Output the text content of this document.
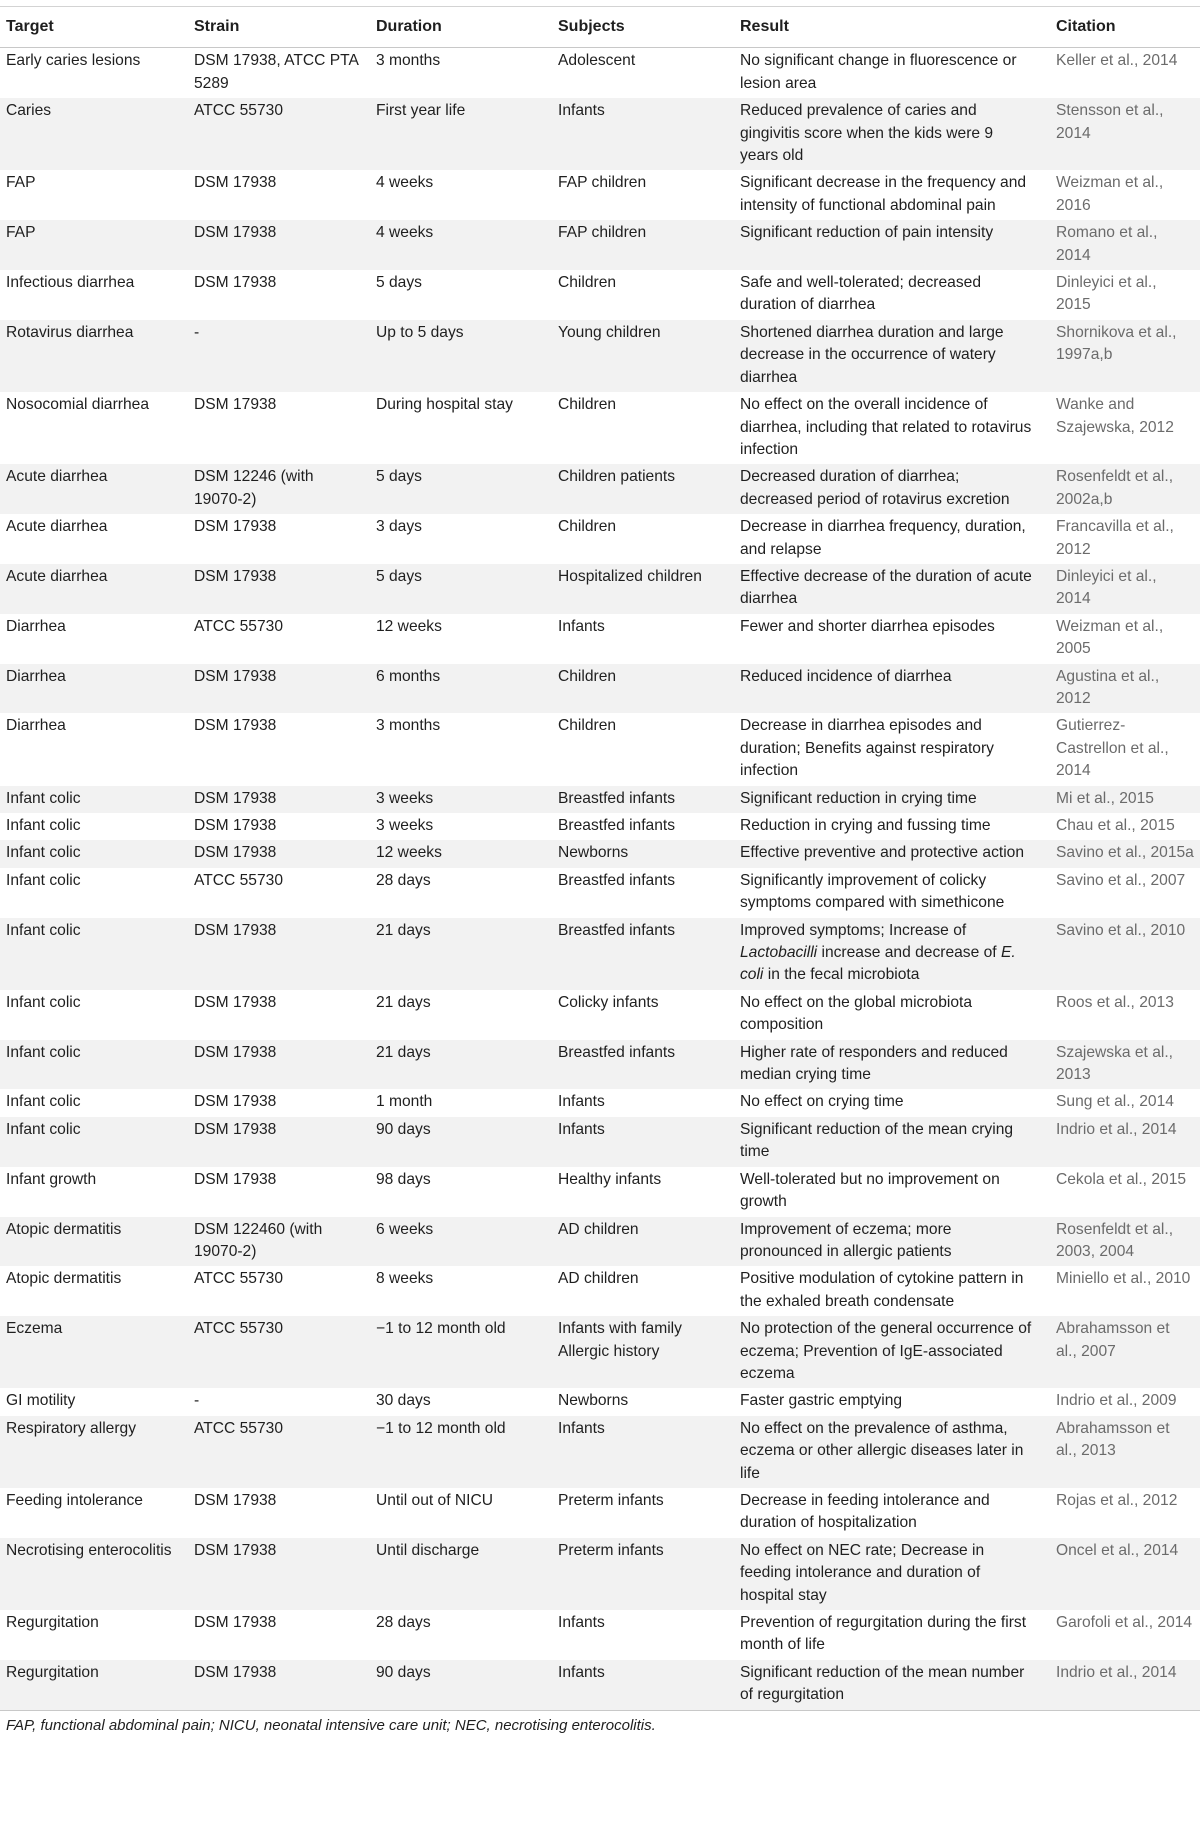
Target	Strain	Duration	Subjects	Result	Citation
Early caries lesions	DSM 17938, ATCC PTA 5289	3 months	Adolescent	No significant change in fluorescence or lesion area	Keller et al., 2014
Caries	ATCC 55730	First year life	Infants	Reduced prevalence of caries and gingivitis score when the kids were 9 years old	Stensson et al., 2014
FAP	DSM 17938	4 weeks	FAP children	Significant decrease in the frequency and intensity of functional abdominal pain	Weizman et al., 2016
FAP	DSM 17938	4 weeks	FAP children	Significant reduction of pain intensity	Romano et al., 2014
Infectious diarrhea	DSM 17938	5 days	Children	Safe and well-tolerated; decreased duration of diarrhea	Dinleyici et al., 2015
Rotavirus diarrhea	-	Up to 5 days	Young children	Shortened diarrhea duration and large decrease in the occurrence of watery diarrhea	Shornikova et al., 1997a,b
Nosocomial diarrhea	DSM 17938	During hospital stay	Children	No effect on the overall incidence of diarrhea, including that related to rotavirus infection	Wanke and Szajewska, 2012
Acute diarrhea	DSM 12246 (with 19070-2)	5 days	Children patients	Decreased duration of diarrhea; decreased period of rotavirus excretion	Rosenfeldt et al., 2002a,b
Acute diarrhea	DSM 17938	3 days	Children	Decrease in diarrhea frequency, duration, and relapse	Francavilla et al., 2012
Acute diarrhea	DSM 17938	5 days	Hospitalized children	Effective decrease of the duration of acute diarrhea	Dinleyici et al., 2014
Diarrhea	ATCC 55730	12 weeks	Infants	Fewer and shorter diarrhea episodes	Weizman et al., 2005
Diarrhea	DSM 17938	6 months	Children	Reduced incidence of diarrhea	Agustina et al., 2012
Diarrhea	DSM 17938	3 months	Children	Decrease in diarrhea episodes and duration; Benefits against respiratory infection	Gutierrez-Castrellon et al., 2014
Infant colic	DSM 17938	3 weeks	Breastfed infants	Significant reduction in crying time	Mi et al., 2015
Infant colic	DSM 17938	3 weeks	Breastfed infants	Reduction in crying and fussing time	Chau et al., 2015
Infant colic	DSM 17938	12 weeks	Newborns	Effective preventive and protective action	Savino et al., 2015a
Infant colic	ATCC 55730	28 days	Breastfed infants	Significantly improvement of colicky symptoms compared with simethicone	Savino et al., 2007
Infant colic	DSM 17938	21 days	Breastfed infants	Improved symptoms; Increase of Lactobacilli increase and decrease of E. coli in the fecal microbiota	Savino et al., 2010
Infant colic	DSM 17938	21 days	Colicky infants	No effect on the global microbiota composition	Roos et al., 2013
Infant colic	DSM 17938	21 days	Breastfed infants	Higher rate of responders and reduced median crying time	Szajewska et al., 2013
Infant colic	DSM 17938	1 month	Infants	No effect on crying time	Sung et al., 2014
Infant colic	DSM 17938	90 days	Infants	Significant reduction of the mean crying time	Indrio et al., 2014
Infant growth	DSM 17938	98 days	Healthy infants	Well-tolerated but no improvement on growth	Cekola et al., 2015
Atopic dermatitis	DSM 122460 (with 19070-2)	6 weeks	AD children	Improvement of eczema; more pronounced in allergic patients	Rosenfeldt et al., 2003, 2004
Atopic dermatitis	ATCC 55730	8 weeks	AD children	Positive modulation of cytokine pattern in the exhaled breath condensate	Miniello et al., 2010
Eczema	ATCC 55730	−1 to 12 month old	Infants with family Allergic history	No protection of the general occurrence of eczema; Prevention of IgE-associated eczema	Abrahamsson et al., 2007
GI motility	-	30 days	Newborns	Faster gastric emptying	Indrio et al., 2009
Respiratory allergy	ATCC 55730	−1 to 12 month old	Infants	No effect on the prevalence of asthma, eczema or other allergic diseases later in life	Abrahamsson et al., 2013
Feeding intolerance	DSM 17938	Until out of NICU	Preterm infants	Decrease in feeding intolerance and duration of hospitalization	Rojas et al., 2012
Necrotising enterocolitis	DSM 17938	Until discharge	Preterm infants	No effect on NEC rate; Decrease in feeding intolerance and duration of hospital stay	Oncel et al., 2014
Regurgitation	DSM 17938	28 days	Infants	Prevention of regurgitation during the first month of life	Garofoli et al., 2014
Regurgitation	DSM 17938	90 days	Infants	Significant reduction of the mean number of regurgitation	Indrio et al., 2014
FAP, functional abdominal pain; NICU, neonatal intensive care unit; NEC, necrotising enterocolitis.
